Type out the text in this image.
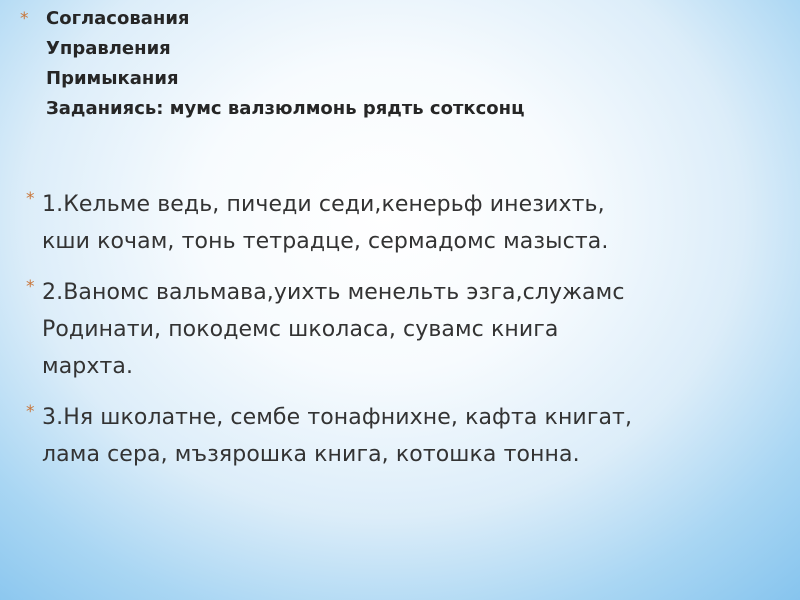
* Согласования
Управления
Примыкания
Заданиясь: мумс валзюлмонь рядть сотксонц
* 1.Кельме ведь, пичеди седи,кенерьф инезихть,
кши кочам, тонь тетрадце, сермадомс мазыста.
* 2.Ваномс вальмава,уихть менельть эзга,служамс
Родинати, покодемс школаса, сувамс книга
мархта.
* 3.Ня школатне, сембе тонафнихне, кафта книгат,
лама сера, мъзярошка книга, котошка тонна.
